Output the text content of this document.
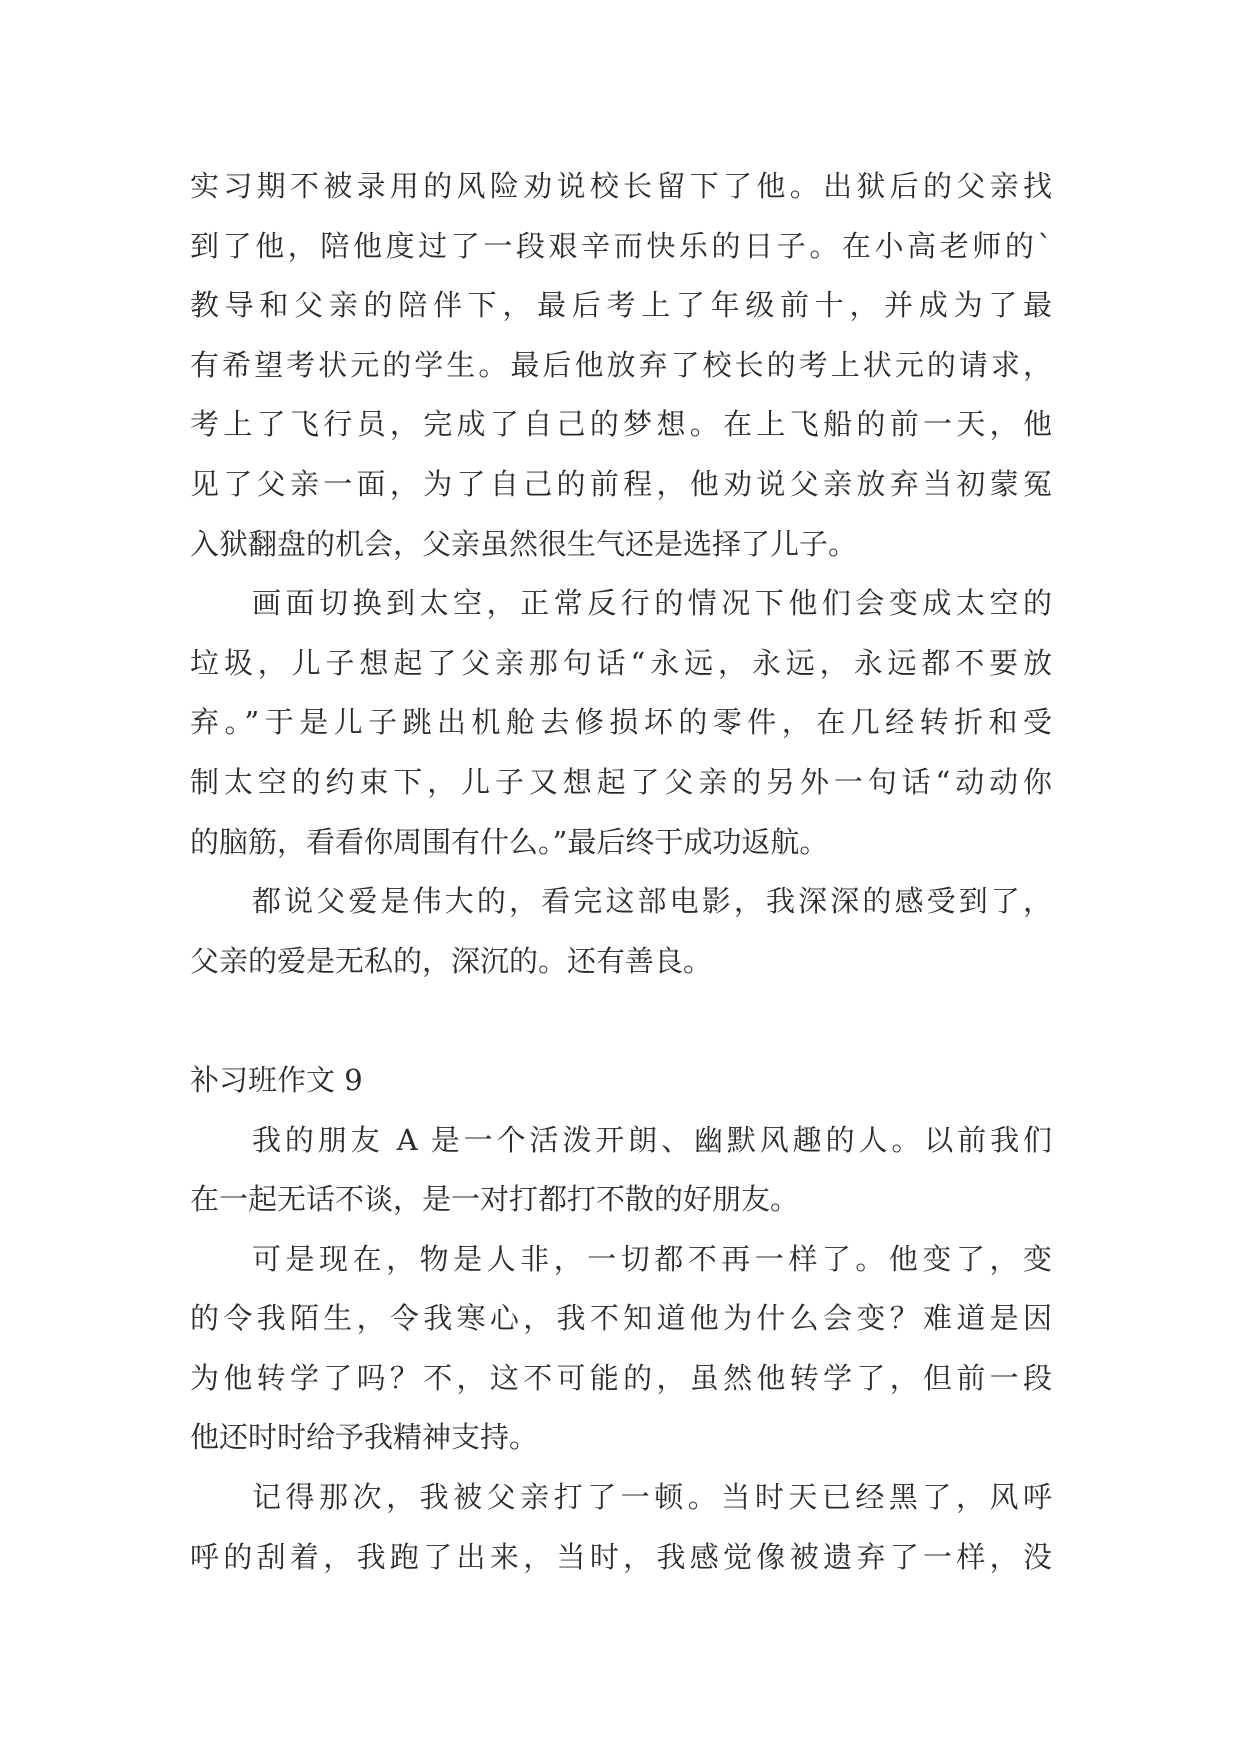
实习期不被录用的风险劝说校长留下了他。出狱后的父亲找
到了他，陪他度过了一段艰辛而快乐的日子。在小高老师的`
教导和父亲的陪伴下，最后考上了年级前十，并成为了最
有希望考状元的学生。最后他放弃了校长的考上状元的请求，
考上了飞行员，完成了自己的梦想。在上飞船的前一天，他
见了父亲一面，为了自己的前程，他劝说父亲放弃当初蒙冤
入狱翻盘的机会，父亲虽然很生气还是选择了儿子。
画面切换到太空，正常反行的情况下他们会变成太空的
垃圾，儿子想起了父亲那句话“永远，永远，永远都不要放
弃。”于是儿子跳出机舱去修损坏的零件，在几经转折和受
制太空的约束下，儿子又想起了父亲的另外一句话“动动你
的脑筋，看看你周围有什么。”最后终于成功返航。
都说父爱是伟大的，看完这部电影，我深深的感受到了，
父亲的爱是无私的，深沉的。还有善良。
补习班作文 9
我的朋友 A 是一个活泼开朗、幽默风趣的人。以前我们
在一起无话不谈，是一对打都打不散的好朋友。
可是现在，物是人非，一切都不再一样了。他变了，变
的令我陌生，令我寒心，我不知道他为什么会变？难道是因
为他转学了吗？不，这不可能的，虽然他转学了，但前一段
他还时时给予我精神支持。
记得那次，我被父亲打了一顿。当时天已经黑了，风呼
呼的刮着，我跑了出来，当时，我感觉像被遗弃了一样，没
